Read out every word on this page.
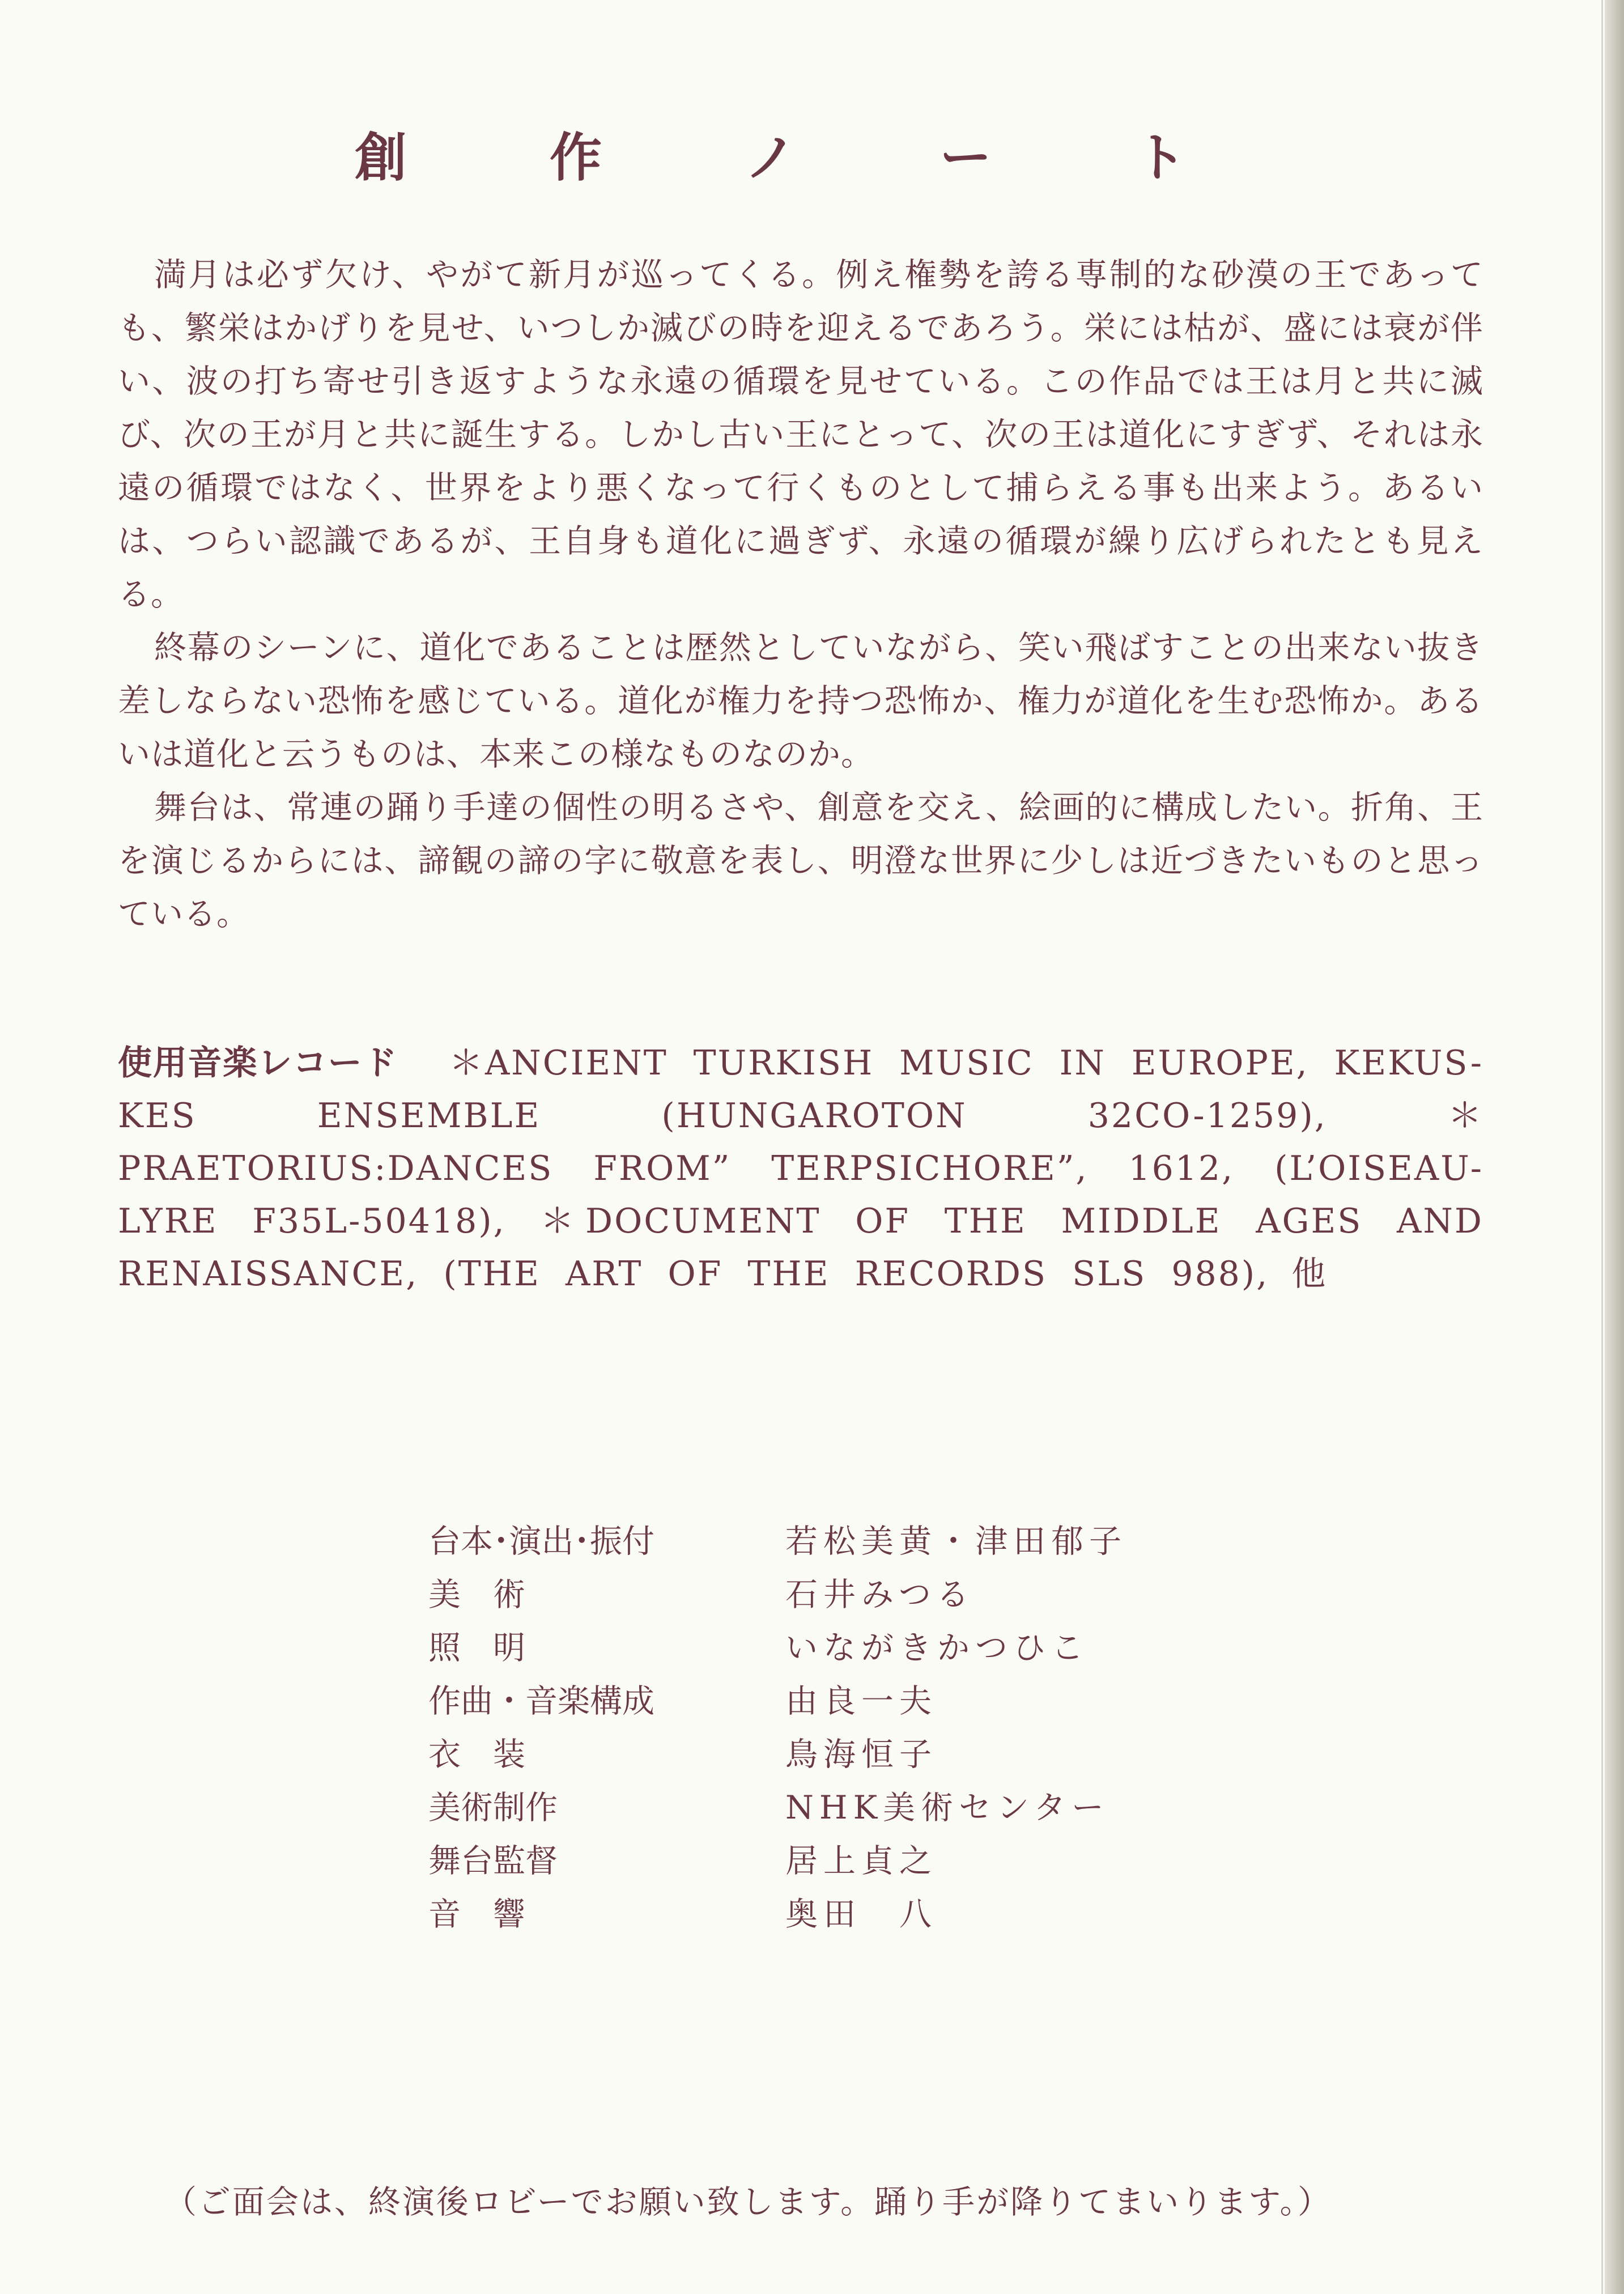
創　作　ノ　ー　ト

満月は必ず欠け、やがて新月が巡ってくる。例え権勢を誇る専制的な砂漠の王であっても、繁栄はかげりを見せ、いつしか滅びの時を迎えるであろう。栄には枯が、盛には衰が伴い、波の打ち寄せ引き返すような永遠の循環を見せている。この作品では王は月と共に滅び、次の王が月と共に誕生する。しかし古い王にとって、次の王は道化にすぎず、それは永遠の循環ではなく、世界をより悪くなって行くものとして捕らえる事も出来よう。あるいは、つらい認識であるが、王自身も道化に過ぎず、永遠の循環が繰り広げられたとも見える。

終幕のシーンに、道化であることは歴然としていながら、笑い飛ばすことの出来ない抜き差しならない恐怖を感じている。道化が権力を持つ恐怖か、権力が道化を生む恐怖か。あるいは道化と云うものは、本来この様なものなのか。

舞台は、常連の踊り手達の個性の明るさや、創意を交え、絵画的に構成したい。折角、王を演じるからには、諦観の諦の字に敬意を表し、明澄な世界に少しは近づきたいものと思っている。

使用音楽レコード ＊ANCIENT TURKISH MUSIC IN EUROPE, KEKUS-KES ENSEMBLE (HUNGAROTON 32CO-1259), ＊PRAETORIUS:DANCES FROM” TERPSICHORE”, 1612, (L’OISEAU-LYRE F35L-50418), ＊DOCUMENT OF THE MIDDLE AGES AND RENAISSANCE, (THE ART OF THE RECORDS SLS 988), 他
台本･演出･振付	若松美黄・津田郁子
美　術	石井みつる
照　明	いながきかつひこ
作曲・音楽構成	由良一夫
衣　装	鳥海恒子
美術制作	NHK美術センター
舞台監督	居上貞之
音　響	奥田　八
（ご面会は、終演後ロビーでお願い致します。踊り手が降りてまいります。）
